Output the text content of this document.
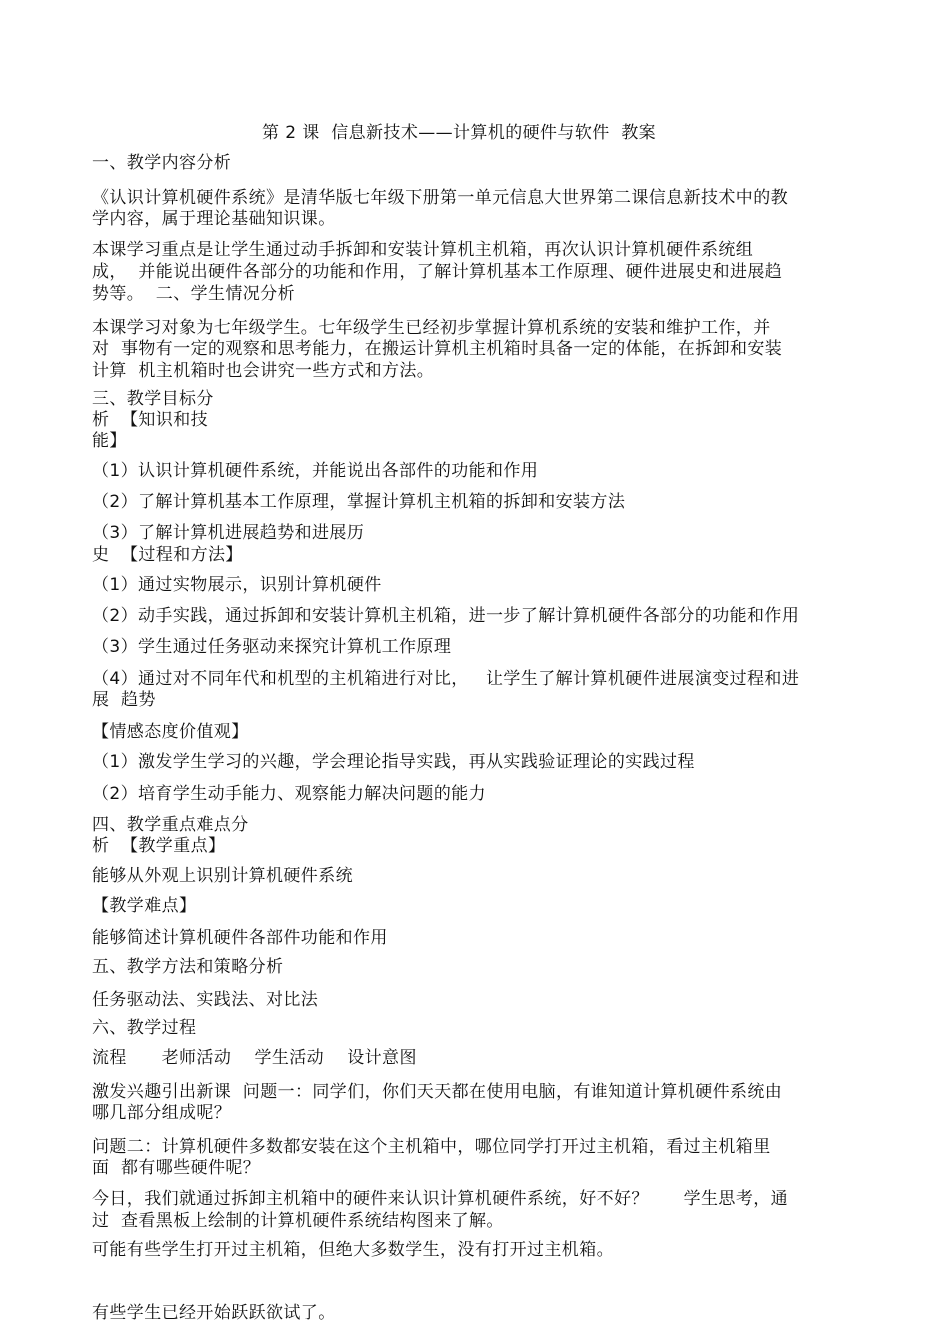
第 2 课  信息新技术——计算机的硬件与软件  教案
一、教学内容分析
《认识计算机硬件系统》是清华版七年级下册第一单元信息大世界第二课信息新技术中的教
学内容，属于理论基础知识课。
本课学习重点是让学生通过动手拆卸和安装计算机主机箱，再次认识计算机硬件系统组
成，  并能说出硬件各部分的功能和作用，了解计算机基本工作原理、硬件进展史和进展趋
势等。  二、学生情况分析
本课学习对象为七年级学生。七年级学生已经初步掌握计算机系统的安装和维护工作，并
对  事物有一定的观察和思考能力，在搬运计算机主机箱时具备一定的体能，在拆卸和安装
计算  机主机箱时也会讲究一些方式和方法。
三、教学目标分
析  【知识和技
能】
（1）认识计算机硬件系统，并能说出各部件的功能和作用
（2）了解计算机基本工作原理，掌握计算机主机箱的拆卸和安装方法
（3）了解计算机进展趋势和进展历
史  【过程和方法】
（1）通过实物展示，识别计算机硬件
（2）动手实践，通过拆卸和安装计算机主机箱，进一步了解计算机硬件各部分的功能和作用
（3）学生通过任务驱动来探究计算机工作原理
（4）通过对不同年代和机型的主机箱进行对比，   让学生了解计算机硬件进展演变过程和进
展  趋势
【情感态度价值观】
（1）激发学生学习的兴趣，学会理论指导实践，再从实践验证理论的实践过程
（2）培育学生动手能力、观察能力解决问题的能力
四、教学重点难点分
析  【教学重点】
能够从外观上识别计算机硬件系统
【教学难点】
能够简述计算机硬件各部件功能和作用
五、教学方法和策略分析
任务驱动法、实践法、对比法
六、教学过程
流程      老师活动    学生活动    设计意图
激发兴趣引出新课  问题一：同学们，你们天天都在使用电脑，有谁知道计算机硬件系统由
哪几部分组成呢？
问题二：计算机硬件多数都安装在这个主机箱中，哪位同学打开过主机箱，看过主机箱里
面  都有哪些硬件呢？
今日，我们就通过拆卸主机箱中的硬件来认识计算机硬件系统，好不好？      学生思考，通
过  查看黑板上绘制的计算机硬件系统结构图来了解。
可能有些学生打开过主机箱，但绝大多数学生，没有打开过主机箱。
有些学生已经开始跃跃欲试了。
